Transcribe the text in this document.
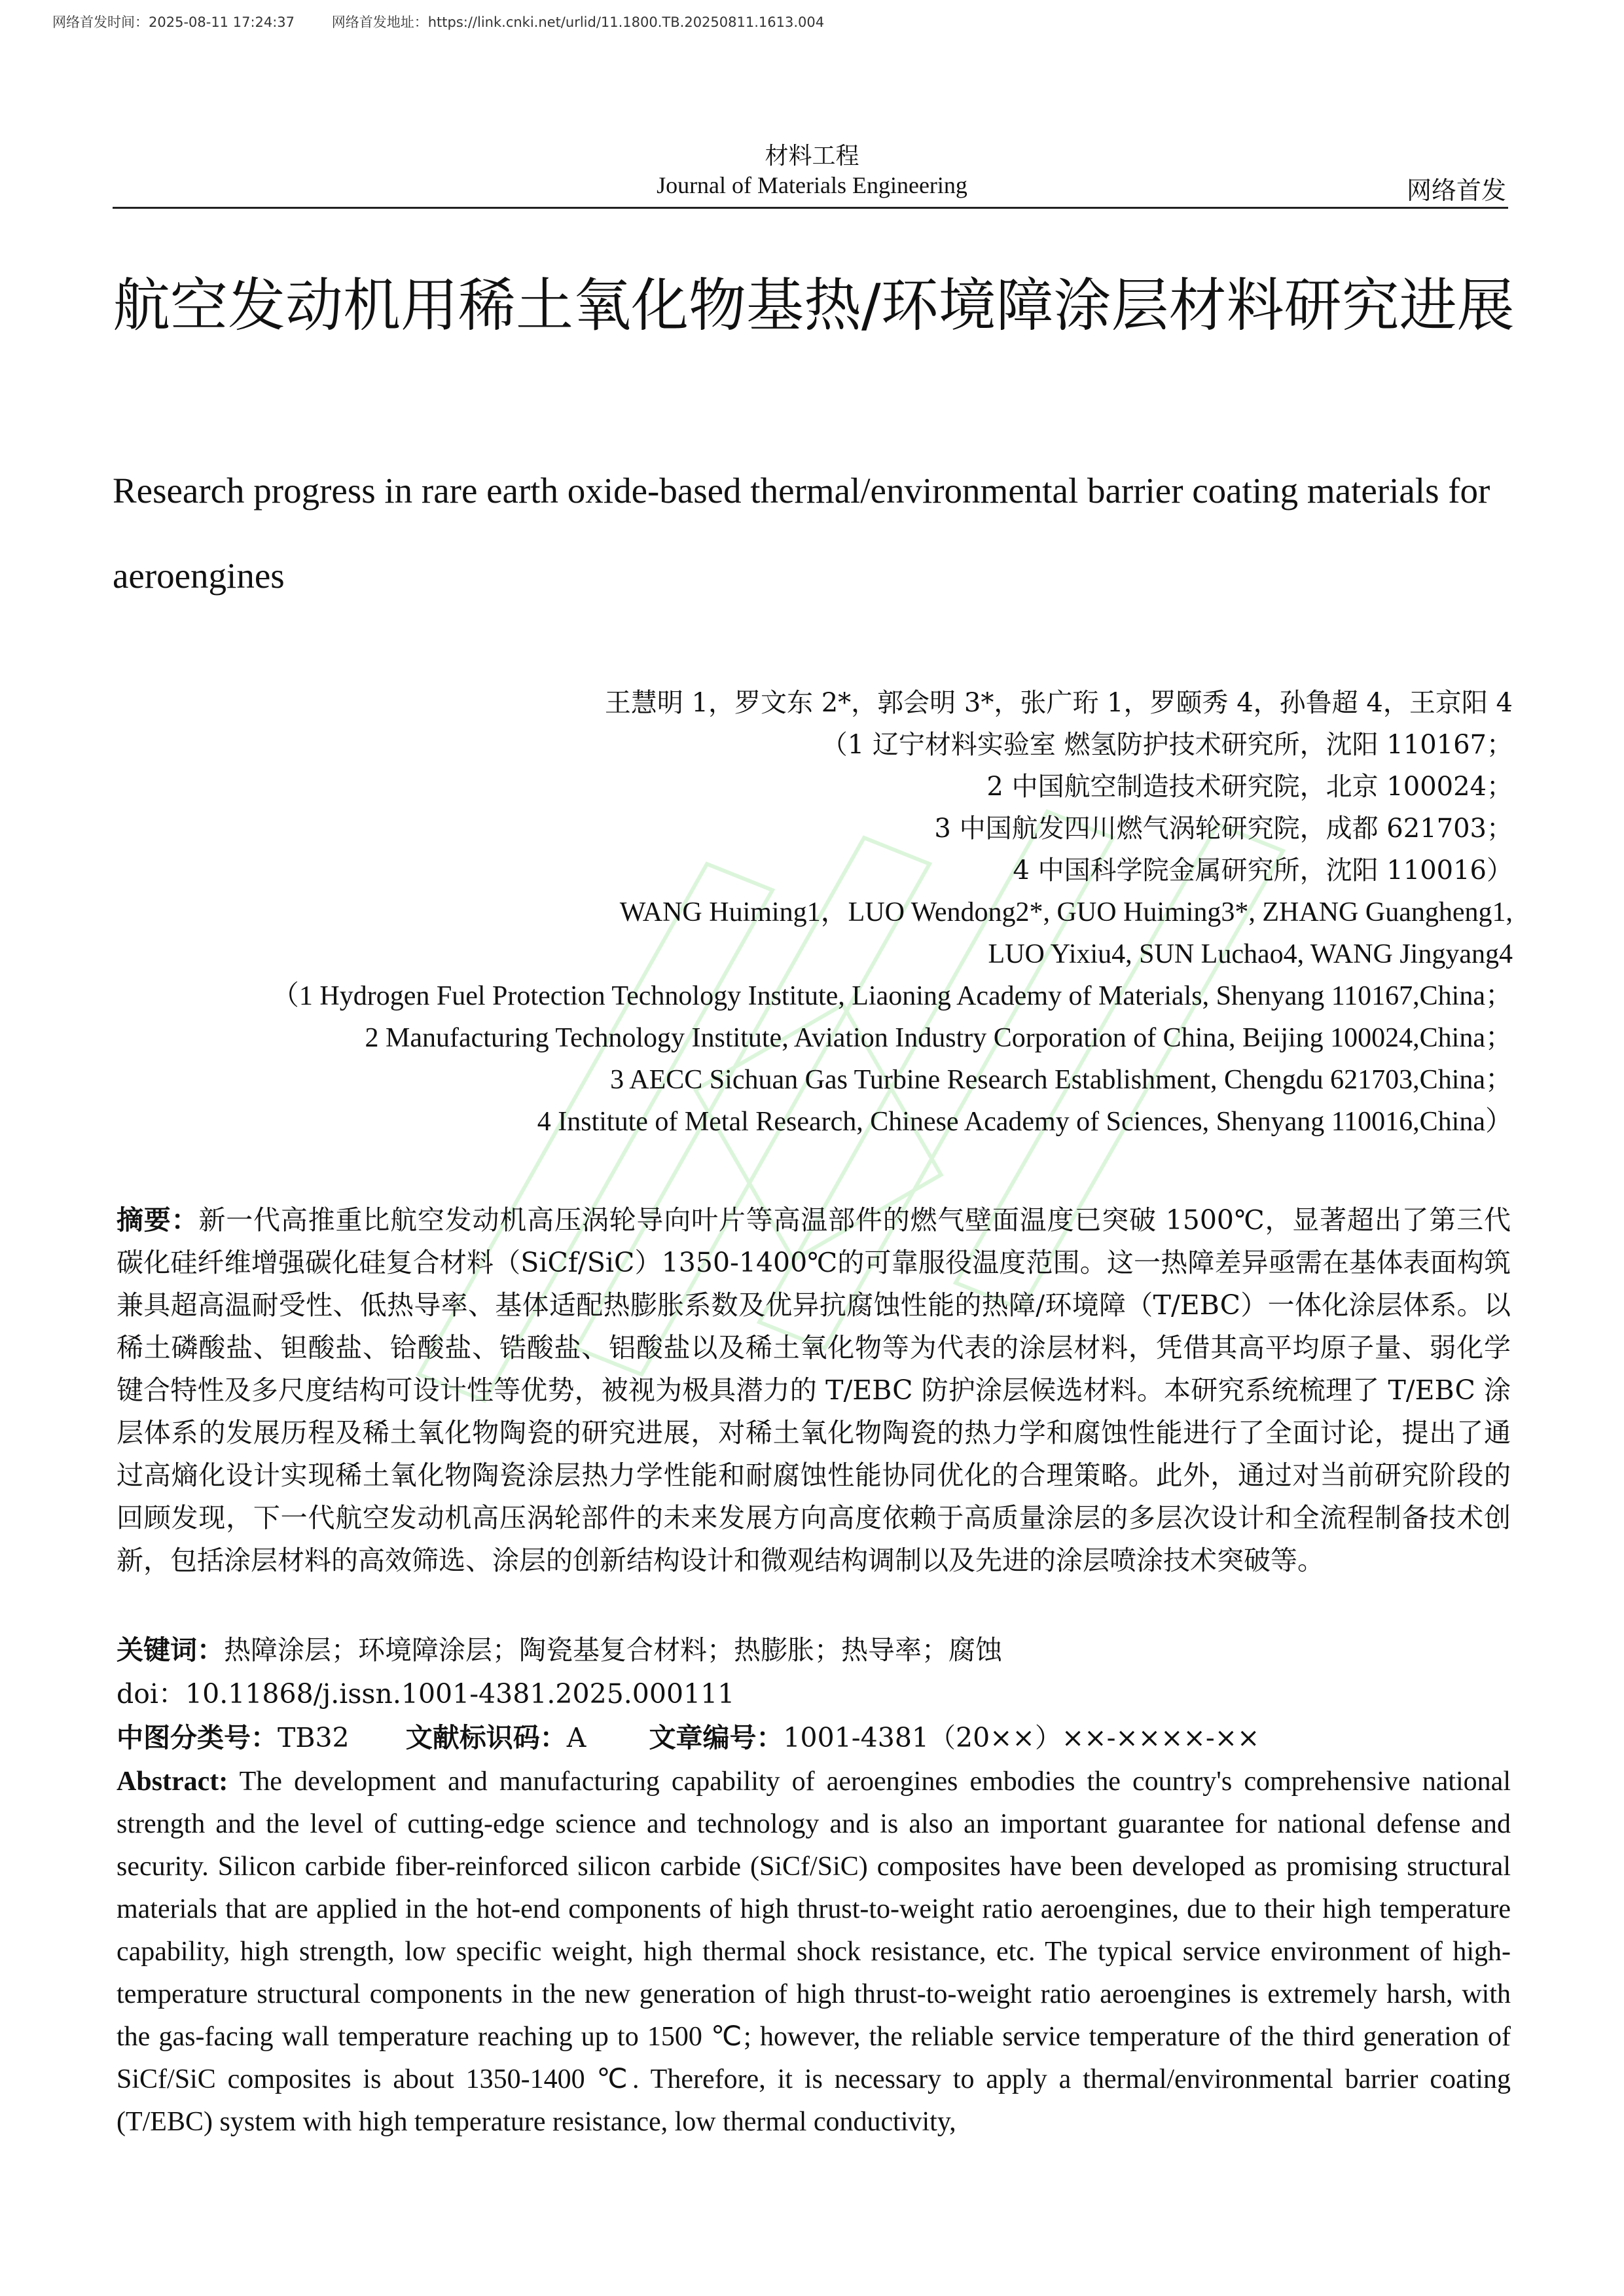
网络首发时间：2025-08-11 17:24:37	网络首发地址：https://link.cnki.net/urlid/11.1800.TB.20250811.1613.004
材料工程
Journal of Materials Engineering	网络首发
航空发动机用稀土氧化物基热/环境障涂层材料研究进展
Research progress in rare earth oxide-based thermal/environmental barrier coating materials for aeroengines
王慧明 1，罗文东 2*，郭会明 3*，张广珩 1，罗颐秀 4，孙鲁超 4，王京阳 4
（1 辽宁材料实验室 燃氢防护技术研究所，沈阳 110167；
2 中国航空制造技术研究院，北京 100024；
3 中国航发四川燃气涡轮研究院，成都 621703；
4 中国科学院金属研究所，沈阳 110016）
WANG Huiming1，LUO Wendong2*, GUO Huiming3*, ZHANG Guangheng1,
LUO Yixiu4, SUN Luchao4, WANG Jingyang4
（1 Hydrogen Fuel Protection Technology Institute, Liaoning Academy of Materials, Shenyang 110167,China；
2 Manufacturing Technology Institute, Aviation Industry Corporation of China, Beijing 100024,China；
3 AECC Sichuan Gas Turbine Research Establishment, Chengdu 621703,China；
4 Institute of Metal Research, Chinese Academy of Sciences, Shenyang 110016,China）
摘要：新一代高推重比航空发动机高压涡轮导向叶片等高温部件的燃气壁面温度已突破 1500℃，显著超出了第三代碳化硅纤维增强碳化硅复合材料（SiCf/SiC）1350-1400℃的可靠服役温度范围。这一热障差异亟需在基体表面构筑兼具超高温耐受性、低热导率、基体适配热膨胀系数及优异抗腐蚀性能的热障/环境障（T/EBC）一体化涂层体系。以稀土磷酸盐、钽酸盐、铪酸盐、锆酸盐、铝酸盐以及稀土氧化物等为代表的涂层材料，凭借其高平均原子量、弱化学键合特性及多尺度结构可设计性等优势，被视为极具潜力的 T/EBC 防护涂层候选材料。本研究系统梳理了 T/EBC 涂层体系的发展历程及稀土氧化物陶瓷的研究进展，对稀土氧化物陶瓷的热力学和腐蚀性能进行了全面讨论，提出了通过高熵化设计实现稀土氧化物陶瓷涂层热力学性能和耐腐蚀性能协同优化的合理策略。此外，通过对当前研究阶段的回顾发现，下一代航空发动机高压涡轮部件的未来发展方向高度依赖于高质量涂层的多层次设计和全流程制备技术创新，包括涂层材料的高效筛选、涂层的创新结构设计和微观结构调制以及先进的涂层喷涂技术突破等。
关键词：热障涂层；环境障涂层；陶瓷基复合材料；热膨胀；热导率；腐蚀
doi：10.11868/j.issn.1001-4381.2025.000111
中图分类号：TB32 文献标识码：A 文章编号：1001-4381（20××）××-××××-××
Abstract: The development and manufacturing capability of aeroengines embodies the country's comprehensive national strength and the level of cutting-edge science and technology and is also an important guarantee for national defense and security. Silicon carbide fiber-reinforced silicon carbide (SiCf/SiC) composites have been developed as promising structural materials that are applied in the hot-end components of high thrust-to-weight ratio aeroengines, due to their high temperature capability, high strength, low specific weight, high thermal shock resistance, etc. The typical service environment of high-temperature structural components in the new generation of high thrust-to-weight ratio aeroengines is extremely harsh, with the gas-facing wall temperature reaching up to 1500 ℃; however, the reliable service temperature of the third generation of SiCf/SiC composites is about 1350-1400 ℃. Therefore, it is necessary to apply a thermal/environmental barrier coating (T/EBC) system with high temperature resistance, low thermal conductivity,
